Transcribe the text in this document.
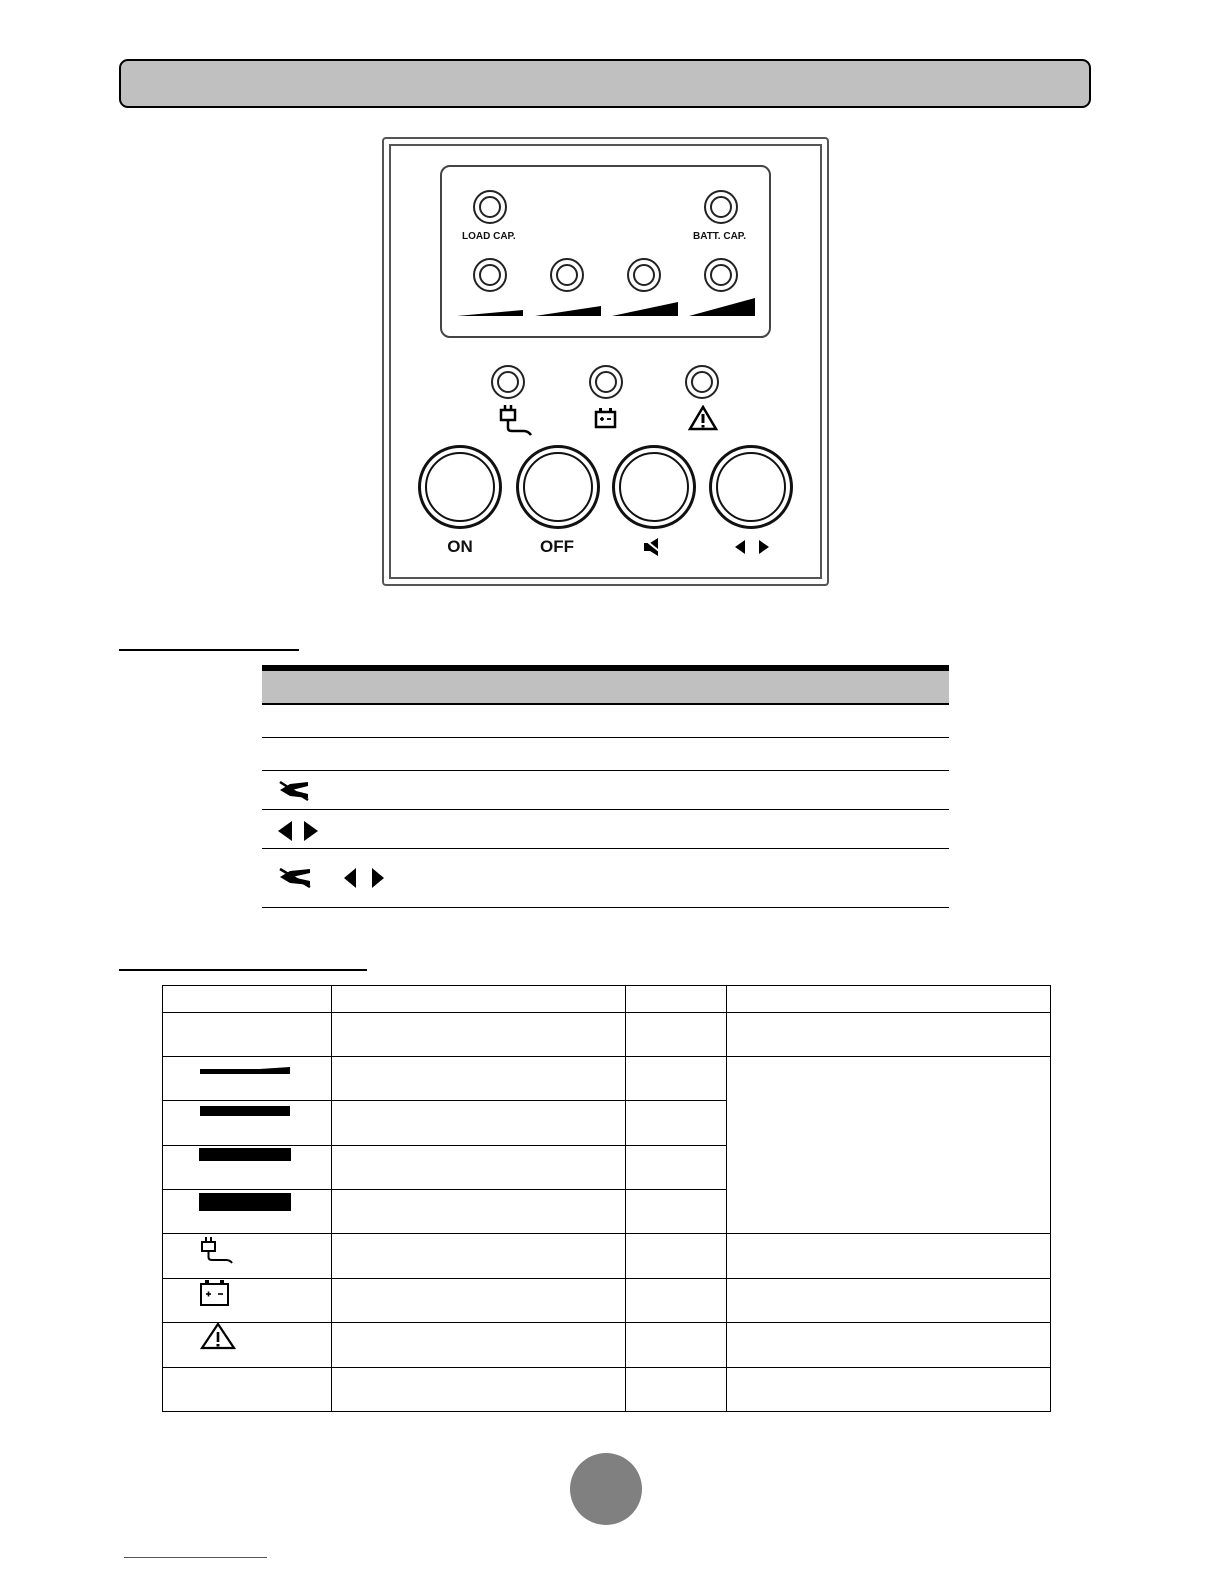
LOAD CAP.	BATT. CAP.
ON	OFF
